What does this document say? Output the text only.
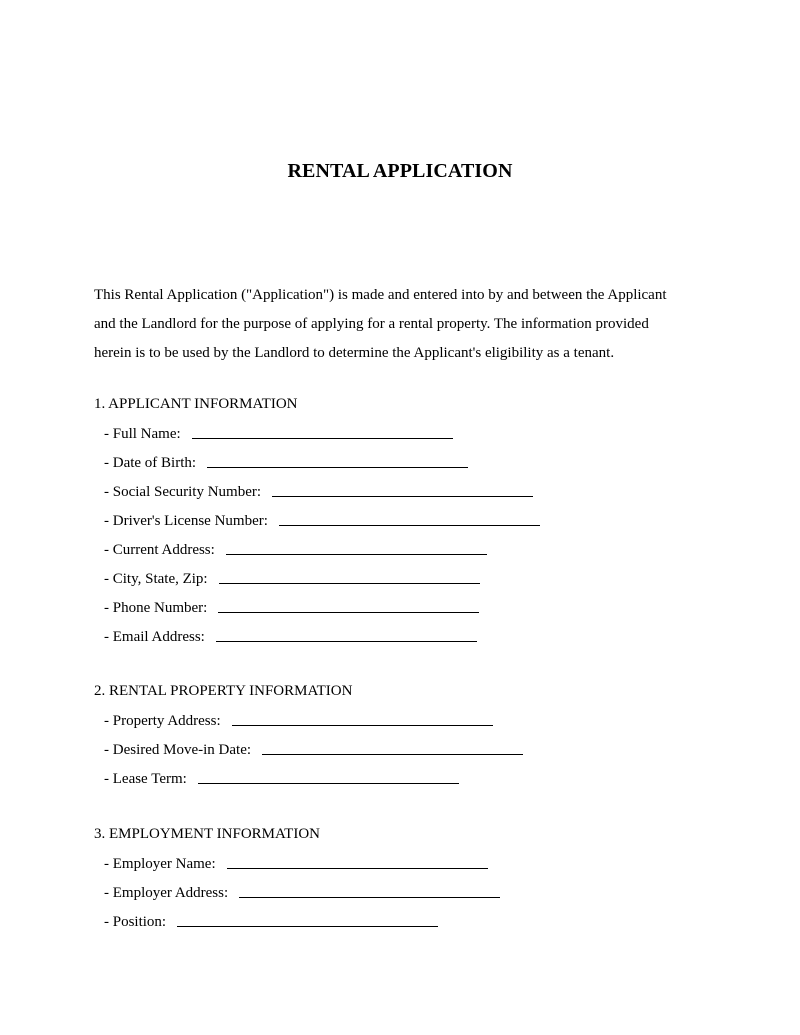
RENTAL APPLICATION

This Rental Application ("Application") is made and entered into by and between the Applicant
and the Landlord for the purpose of applying for a rental property. The information provided
herein is to be used by the Landlord to determine the Applicant's eligibility as a tenant.

1. APPLICANT INFORMATION
- Full Name:
- Date of Birth:
- Social Security Number:
- Driver's License Number:
- Current Address:
- City, State, Zip:
- Phone Number:
- Email Address:
2. RENTAL PROPERTY INFORMATION
- Property Address:
- Desired Move-in Date:
- Lease Term:
3. EMPLOYMENT INFORMATION
- Employer Name:
- Employer Address:
- Position:
